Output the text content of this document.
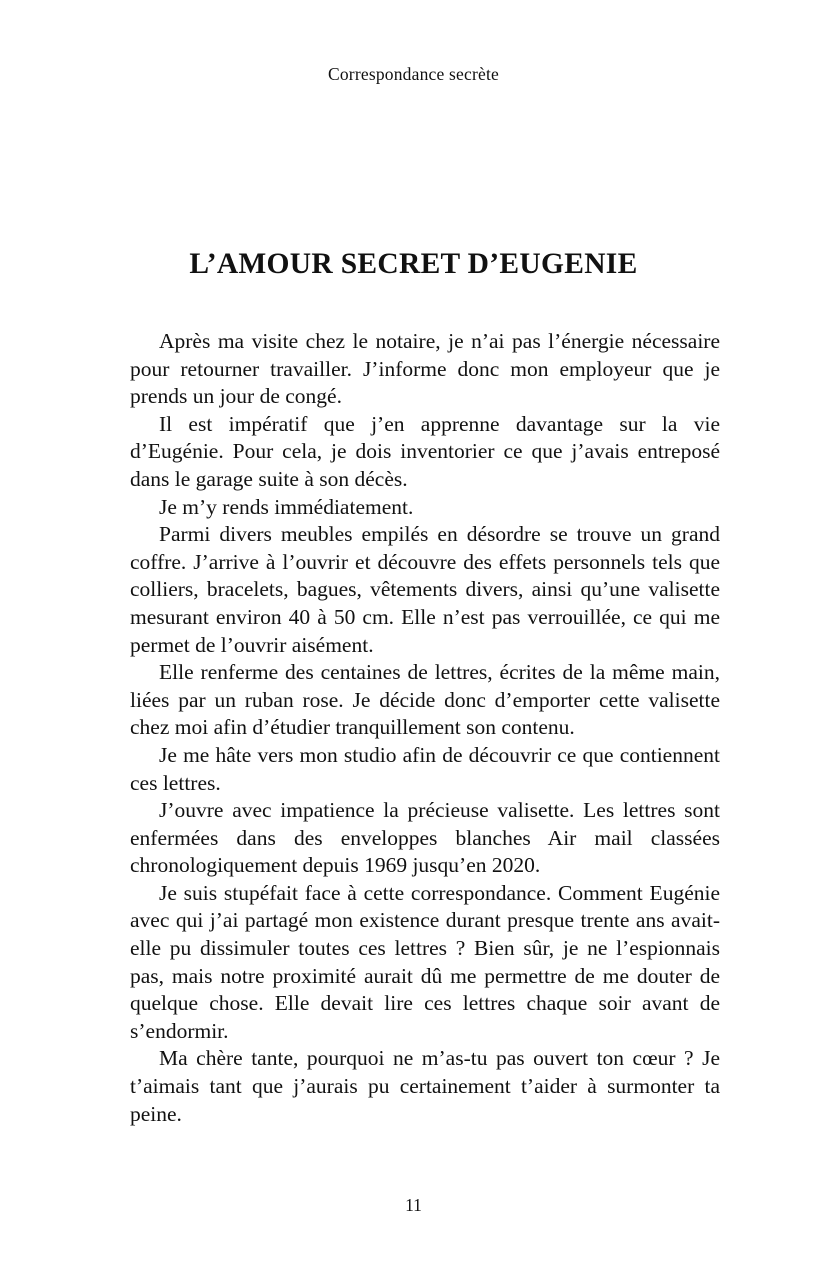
Correspondance secrète
L’AMOUR SECRET D’EUGENIE

Après ma visite chez le notaire, je n’ai pas l’énergie nécessaire pour retourner travailler. J’informe donc mon employeur que je prends un jour de congé.

Il est impératif que j’en apprenne davantage sur la vie d’Eugénie. Pour cela, je dois inventorier ce que j’avais entreposé dans le garage suite à son décès.

Je m’y rends immédiatement.

Parmi divers meubles empilés en désordre se trouve un grand coffre. J’arrive à l’ouvrir et découvre des effets personnels tels que colliers, bracelets, bagues, vêtements divers, ainsi qu’une valisette mesurant environ 40 à 50 cm. Elle n’est pas verrouillée, ce qui me permet de l’ouvrir aisément.

Elle renferme des centaines de lettres, écrites de la même main, liées par un ruban rose. Je décide donc d’emporter cette valisette chez moi afin d’étudier tranquillement son contenu.

Je me hâte vers mon studio afin de découvrir ce que contiennent ces lettres.

J’ouvre avec impatience la précieuse valisette. Les lettres sont enfermées dans des enveloppes blanches Air mail classées chronologiquement depuis 1969 jusqu’en 2020.

Je suis stupéfait face à cette correspondance. Comment Eugénie avec qui j’ai partagé mon existence durant presque trente ans avait-elle pu dissimuler toutes ces lettres ? Bien sûr, je ne l’espionnais pas, mais notre proximité aurait dû me permettre de me douter de quelque chose. Elle devait lire ces lettres chaque soir avant de s’endormir.

Ma chère tante, pourquoi ne m’as-tu pas ouvert ton cœur ? Je t’aimais tant que j’aurais pu certainement t’aider à surmonter ta peine.

11
